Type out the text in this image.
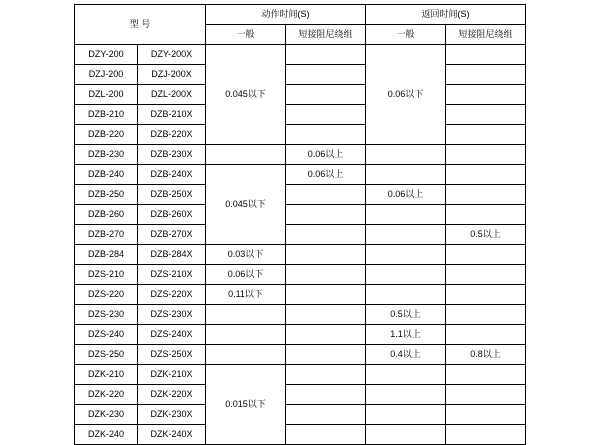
型 号		动作时间(S)		返回时间(S)	
		一般	短接阻尼绕组	一般	短接阻尼绕组
DZY-200	DZY-200X	0.045以下		0.06以下	
DZJ-200	DZJ-200X				
DZL-200	DZL-200X				
DZB-210	DZB-210X				
DZB-220	DZB-220X				
DZB-230	DZB-230X		0.06以上		
DZB-240	DZB-240X	0.045以下	0.06以上		
DZB-250	DZB-250X			0.06以上	
DZB-260	DZB-260X				
DZB-270	DZB-270X				0.5以上
DZB-284	DZB-284X	0.03以下			
DZS-210	DZS-210X	0.06以下			
DZS-220	DZS-220X	0.11以下			
DZS-230	DZS-230X			0.5以上	
DZS-240	DZS-240X			1.1以上	
DZS-250	DZS-250X			0.4以上	0.8以上
DZK-210	DZK-210X	0.015以下			
DZK-220	DZK-220X				
DZK-230	DZK-230X				
DZK-240	DZK-240X				
